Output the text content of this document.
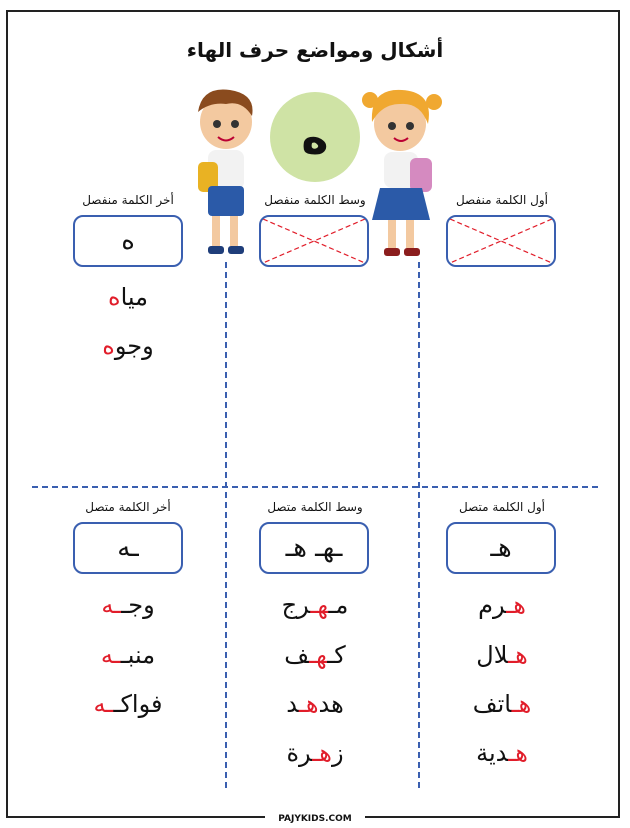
أشكال ومواضع حرف الهاء
ه
أول الكلمة منفصل
وسط الكلمة منفصل
أخر الكلمة منفصل
ه
مياه
وجوه
أول الكلمة متصل
وسط الكلمة متصل
أخر الكلمة متصل
هـ
ـهـ هـ
ـه
هـرم
هـلال
هـاتف
هـدية
مـهـرج
كـهـف
هدهـد
زهـرة
وجــه
منبــه
فواكــه
PAJYKIDS.COM
